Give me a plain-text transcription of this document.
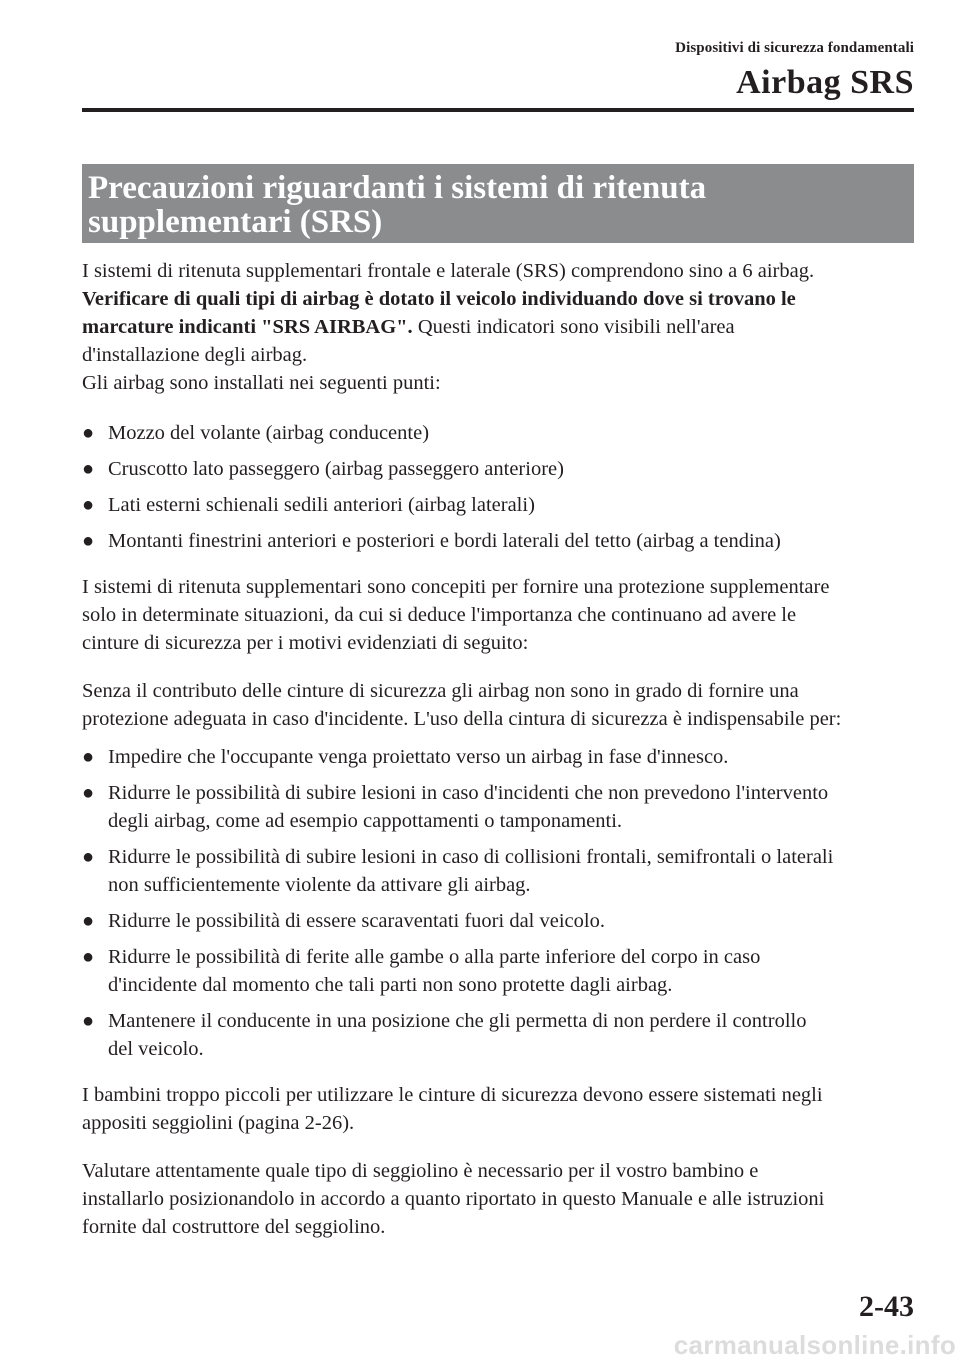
Dispositivi di sicurezza fondamentali
Airbag SRS
Precauzioni riguardanti i sistemi di ritenuta
supplementari (SRS)
I sistemi di ritenuta supplementari frontale e laterale (SRS) comprendono sino a 6 airbag.
Verificare di quali tipi di airbag è dotato il veicolo individuando dove si trovano le
marcature indicanti "SRS AIRBAG". Questi indicatori sono visibili nell'area
d'installazione degli airbag.
Gli airbag sono installati nei seguenti punti:
● Mozzo del volante (airbag conducente)
● Cruscotto lato passeggero (airbag passeggero anteriore)
● Lati esterni schienali sedili anteriori (airbag laterali)
● Montanti finestrini anteriori e posteriori e bordi laterali del tetto (airbag a tendina)
I sistemi di ritenuta supplementari sono concepiti per fornire una protezione supplementare
solo in determinate situazioni, da cui si deduce l'importanza che continuano ad avere le
cinture di sicurezza per i motivi evidenziati di seguito:
Senza il contributo delle cinture di sicurezza gli airbag non sono in grado di fornire una
protezione adeguata in caso d'incidente. L'uso della cintura di sicurezza è indispensabile per:
● Impedire che l'occupante venga proiettato verso un airbag in fase d'innesco.
● Ridurre le possibilità di subire lesioni in caso d'incidenti che non prevedono l'intervento
degli airbag, come ad esempio cappottamenti o tamponamenti.
● Ridurre le possibilità di subire lesioni in caso di collisioni frontali, semifrontali o laterali
non sufficientemente violente da attivare gli airbag.
● Ridurre le possibilità di essere scaraventati fuori dal veicolo.
● Ridurre le possibilità di ferite alle gambe o alla parte inferiore del corpo in caso
d'incidente dal momento che tali parti non sono protette dagli airbag.
● Mantenere il conducente in una posizione che gli permetta di non perdere il controllo
del veicolo.
I bambini troppo piccoli per utilizzare le cinture di sicurezza devono essere sistemati negli
appositi seggiolini (pagina 2-26).
Valutare attentamente quale tipo di seggiolino è necessario per il vostro bambino e
installarlo posizionandolo in accordo a quanto riportato in questo Manuale e alle istruzioni
fornite dal costruttore del seggiolino.
2-43
carmanualsonline.info
